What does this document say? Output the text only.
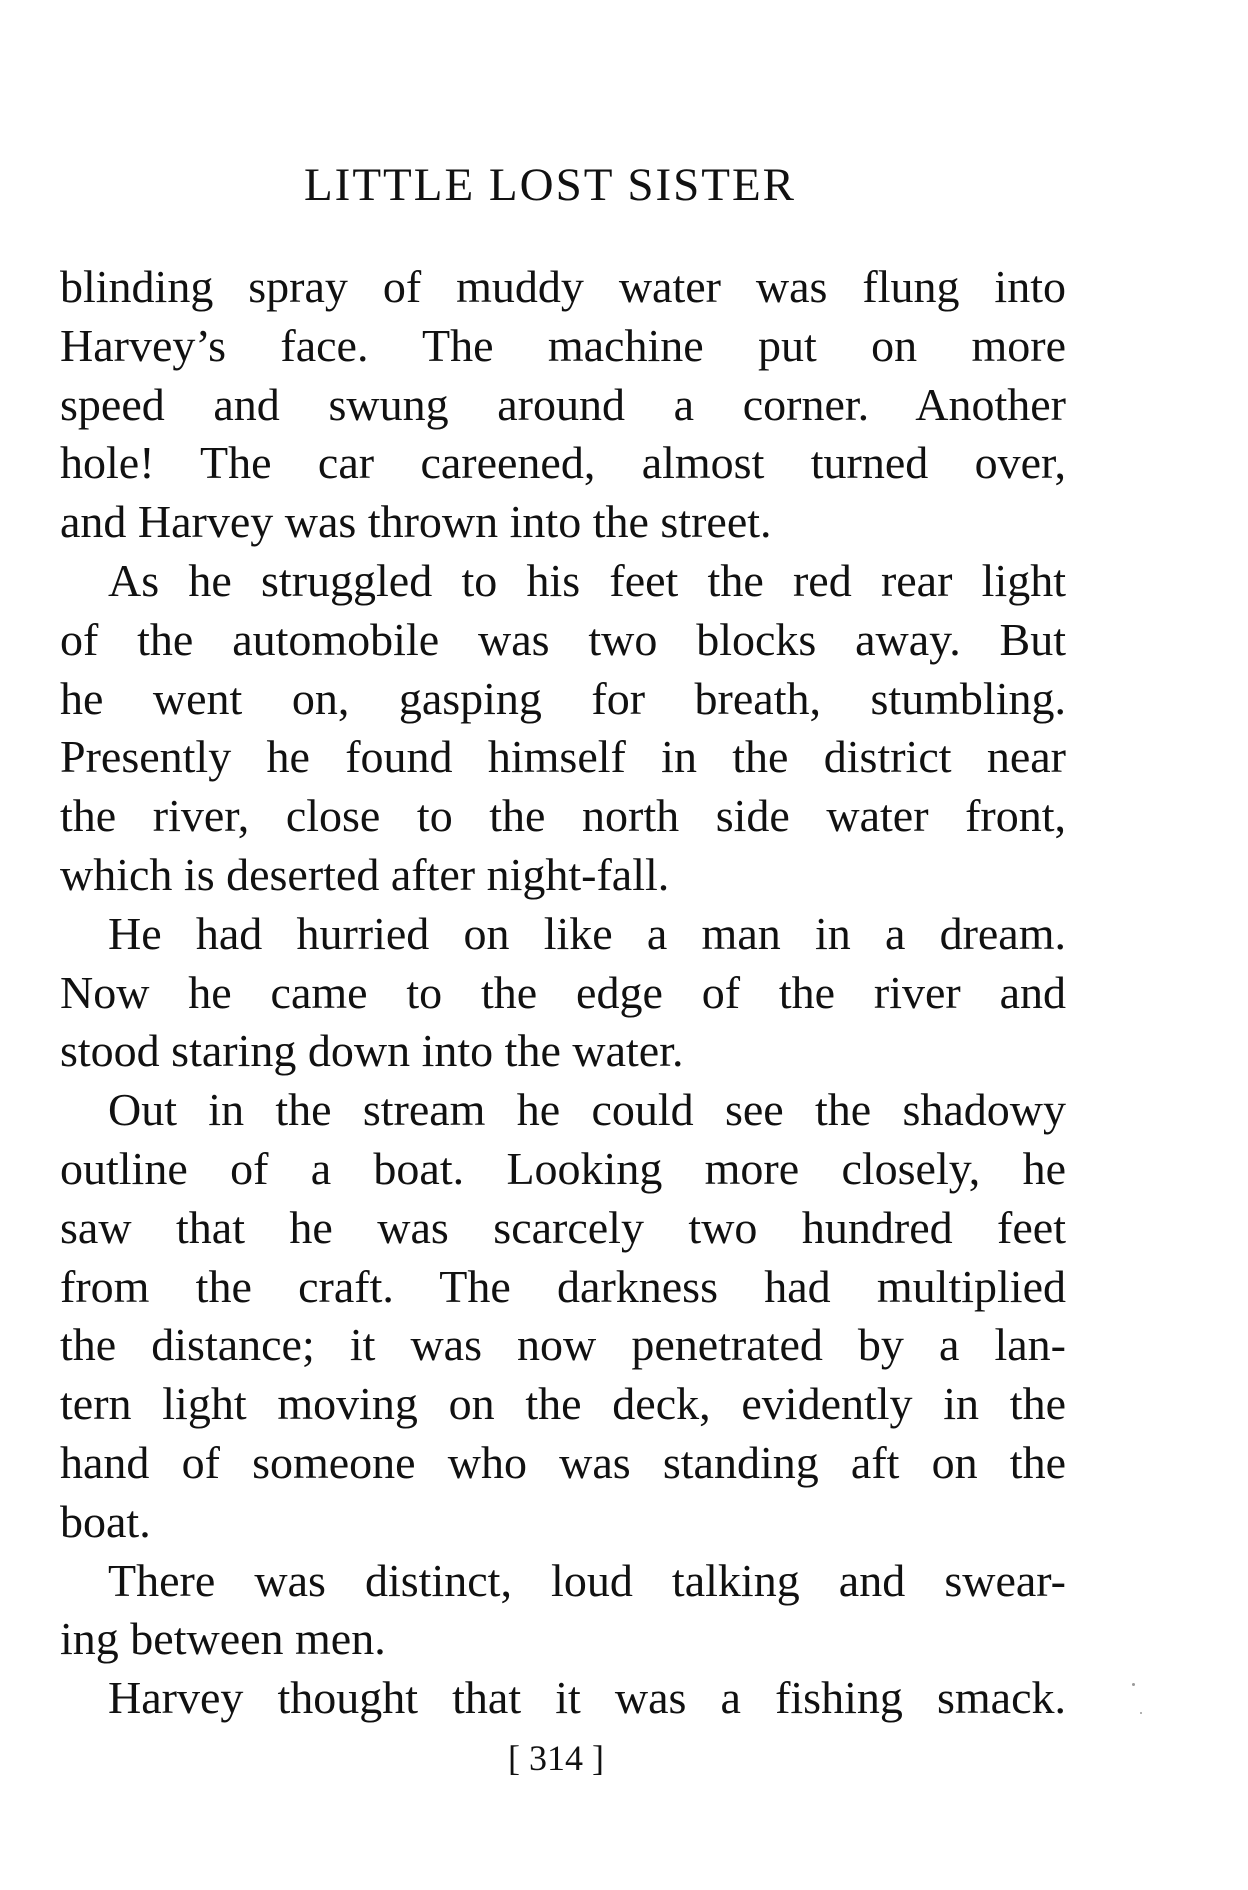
LITTLE LOST SISTER
blinding spray of muddy water was flung into
Harvey’s face. The machine put on more
speed and swung around a corner. Another
hole! The car careened, almost turned over,
and Harvey was thrown into the street.
As he struggled to his feet the red rear light
of the automobile was two blocks away. But
he went on, gasping for breath, stumbling.
Presently he found himself in the district near
the river, close to the north side water front,
which is deserted after night-fall.
He had hurried on like a man in a dream.
Now he came to the edge of the river and
stood staring down into the water.
Out in the stream he could see the shadowy
outline of a boat. Looking more closely, he
saw that he was scarcely two hundred feet
from the craft. The darkness had multiplied
the distance; it was now penetrated by a lan-
tern light moving on the deck, evidently in the
hand of someone who was standing aft on the
boat.
There was distinct, loud talking and swear-
ing between men.
Harvey thought that it was a fishing smack.
[ 314 ]
